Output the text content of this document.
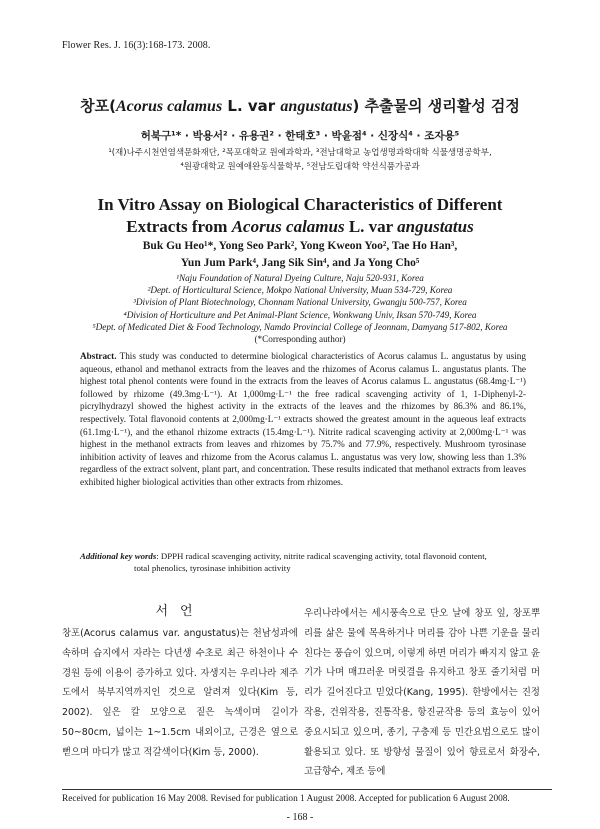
Flower Res. J. 16(3):168-173. 2008.
창포(Acorus calamus L. var angustatus) 추출물의 생리활성 검정
허북구¹* · 박용서² · 유용권² · 한태호³ · 박윤점⁴ · 신장식⁴ · 조자용⁵
¹(재)나주시천연염색문화재단, ²목포대학교 원예과학과, ³전남대학교 농업생명과학대학 식물생명공학부,
⁴원광대학교 원예애완동식물학부, ⁵전남도립대학 약선식품가공과
In Vitro Assay on Biological Characteristics of Different
Extracts from Acorus calamus L. var angustatus
Buk Gu Heo¹*, Yong Seo Park², Yong Kweon Yoo², Tae Ho Han³,
Yun Jum Park⁴, Jang Sik Sin⁴, and Ja Yong Cho⁵
¹Naju Foundation of Natural Dyeing Culture, Naju 520-931, Korea
²Dept. of Horticultural Science, Mokpo National University, Muan 534-729, Korea
³Division of Plant Biotechnology, Chonnam National University, Gwangju 500-757, Korea
⁴Division of Horticulture and Pet Animal-Plant Science, Wonkwang Univ, Iksan 570-749, Korea
⁵Dept. of Medicated Diet & Food Technology, Namdo Provincial College of Jeonnam, Damyang 517-802, Korea
(*Corresponding author)
Abstract. This study was conducted to determine biological characteristics of Acorus calamus L. angustatus by using aqueous, ethanol and methanol extracts from the leaves and the rhizomes of Acorus calamus L. angustatus plants. The highest total phenol contents were found in the extracts from the leaves of Acorus calamus L. angustatus (68.4mg·L⁻¹) followed by rhizome (49.3mg·L⁻¹). At 1,000mg·L⁻¹ the free radical scavenging activity of 1, 1-Diphenyl-2-picrylhydrazyl showed the highest activity in the extracts of the leaves and the rhizomes by 86.3% and 86.1%, respectively. Total flavonoid contents at 2,000mg·L⁻¹ extracts showed the greatest amount in the aqueous leaf extracts (61.1mg·L⁻¹), and the ethanol rhizome extracts (15.4mg·L⁻¹). Nitrite radical scavenging activity at 2,000mg·L⁻¹ was highest in the methanol extracts from leaves and rhizomes by 75.7% and 77.9%, respectively. Mushroom tyrosinase inhibition activity of leaves and rhizome from the Acorus calamus L. angustatus was very low, showing less than 1.3% regardless of the extract solvent, plant part, and concentration. These results indicated that methanol extracts from leaves exhibited higher biological activities than other extracts from rhizomes.
Additional key words: DPPH radical scavenging activity, nitrite radical scavenging activity, total flavonoid content,
total phenolics, tyrosinase inhibition activity
서언
창포(Acorus calamus var. angustatus)는 천남성과에 속하며 습지에서 자라는 다년생 수초로 최근 하천이나 수경원 등에 이용이 증가하고 있다. 자생지는 우리나라 제주도에서 북부지역까지인 것으로 알려져 있다(Kim 등, 2002). 잎은 칼 모양으로 짙은 녹색이며 길이가 50~80cm, 넓이는 1~1.5cm 내외이고, 근경은 옆으로 뻗으며 마디가 많고 적갈색이다(Kim 등, 2000).
우리나라에서는 세시풍속으로 단오 날에 창포 잎, 창포뿌리를 삶은 물에 목욕하거나 머리를 감아 나쁜 기운을 물리친다는 풍습이 있으며, 이렇게 하면 머리가 빠지지 않고 윤기가 나며 매끄러운 머릿결을 유지하고 창포 줄기처럼 머리가 길어진다고 믿었다(Kang, 1995). 한방에서는 진정작용, 건위작용, 진통작용, 항진균작용 등의 효능이 있어 중요시되고 있으며, 종기, 구충제 등 민간요법으로도 많이 활용되고 있다. 또 방향성 물질이 있어 향료로서 화장수, 고급향수, 제조 등에
Received for publication 16 May 2008. Revised for publication 1 August 2008. Accepted for publication 6 August 2008.
- 168 -
